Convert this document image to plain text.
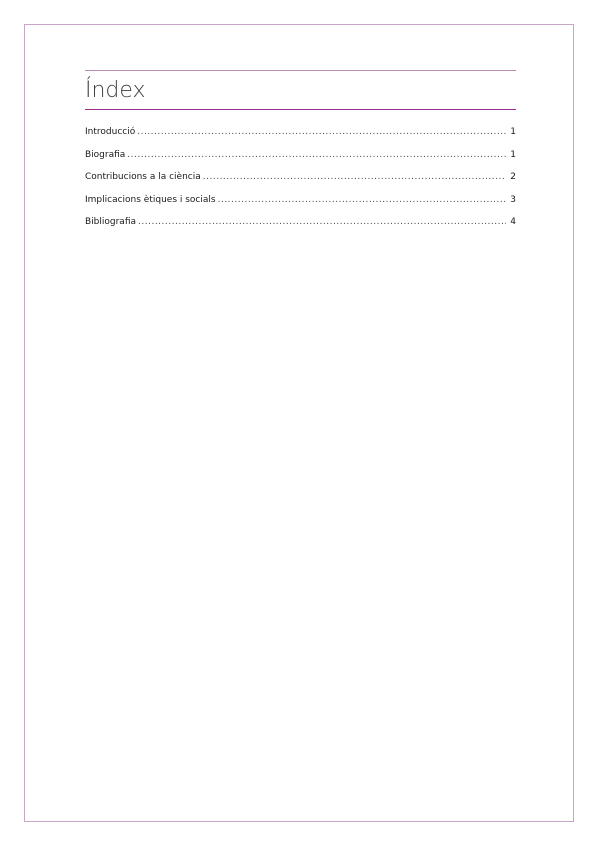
Índex
Introducció .....	1
Biografia .....	1
Contribucions a la ciència .....	2
Implicacions ètiques i socials .....	3
Bibliografia .....	4
